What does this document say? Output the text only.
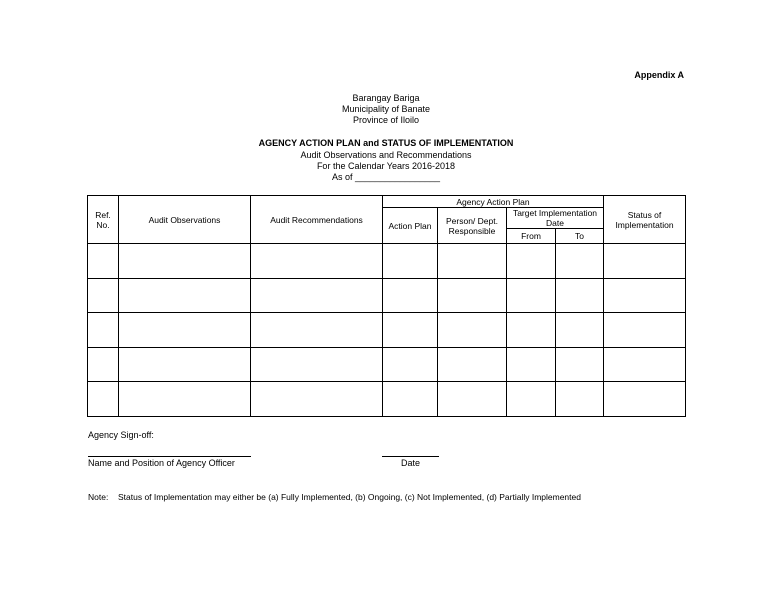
Appendix A
Barangay Bariga
Municipality of Banate
Province of Iloilo
AGENCY ACTION PLAN and STATUS OF IMPLEMENTATION
Audit Observations and Recommendations
For the Calendar Years 2016-2018
As of _________________
Ref. No.	Audit Observations	Audit Recommendations	Agency Action Plan				Status of Implementation
			Action Plan	Person/ Dept. Responsible	Target Implementation Date		
					From	To	

Agency Sign-off:
Name and Position of Agency Officer	Date
Note: Status of Implementation may either be (a) Fully Implemented, (b) Ongoing, (c) Not Implemented, (d) Partially Implemented
